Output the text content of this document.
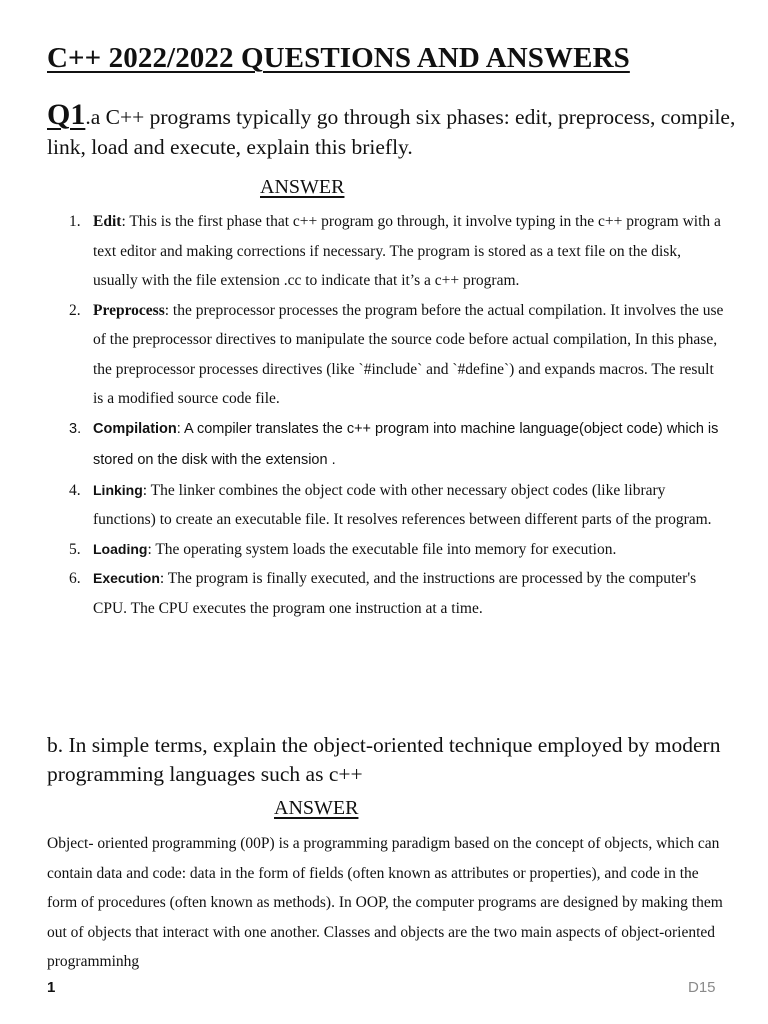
C++ 2022/2022 QUESTIONS AND ANSWERS
Q1.a C++ programs typically go through six phases: edit, preprocess, compile, link, load and execute, explain this briefly.
ANSWER
1. Edit: This is the first phase that c++ program go through, it involve typing in the c++ program with a text editor and making corrections if necessary. The program is stored as a text file on the disk, usually with the file extension .cc to indicate that it’s a c++ program.
2. Preprocess: the preprocessor processes the program before the actual compilation. It involves the use of the preprocessor directives to manipulate the source code before actual compilation, In this phase, the preprocessor processes directives (like `#include` and `#define`) and expands macros. The result is a modified source code file.
3. Compilation: A compiler translates the c++ program into machine language(object code) which is stored on the disk with the extension .
4. Linking: The linker combines the object code with other necessary object codes (like library functions) to create an executable file. It resolves references between different parts of the program.
5. Loading: The operating system loads the executable file into memory for execution.
6. Execution: The program is finally executed, and the instructions are processed by the computer's CPU. The CPU executes the program one instruction at a time.
b. In simple terms, explain the object-oriented technique employed by modern programming languages such as c++
ANSWER
Object- oriented programming (00P) is a programming paradigm based on the concept of objects, which can contain data and code: data in the form of fields (often known as attributes or properties), and code in the form of procedures (often known as methods). In OOP, the computer programs are designed by making them out of objects that interact with one another. Classes and objects are the two main aspects of object-oriented programminhg
1	D15
